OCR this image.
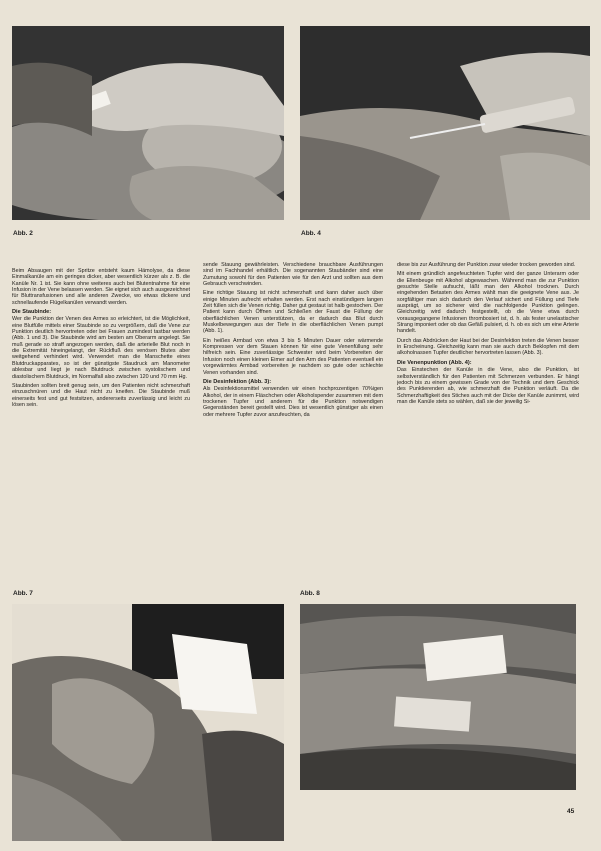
Abb. 2	Abb. 4

Beim Absaugen mit der Spritze entsteht kaum Hämolyse, da diese Einmalkanüle am ein geringes dicker, aber wesentlich kürzer als z. B. die Kanüle Nr. 1 ist. Sie kann ohne weiteres auch bei Blutentnahme für eine Infusion in der Vene belassen werden. Sie eignet sich auch ausgezeichnet für Bluttransfusionen und alle anderen Zwecke, wo etwas dickere und schnellaufende Flügelkanülen verwandt werden.

Die Staubinde:

Wer die Punktion der Venen des Armes so erleichtert, ist die Möglichkeit, eine Blutfülle mittels einer Staubinde so zu vergrößern, daß die Vene zur Punktion deutlich hervortreten oder bei Frauen zumindest tastbar werden (Abb. 1 und 3). Die Staubinde wird am besten am Oberarm angelegt. Sie muß gerade so straff angezogen werden, daß die arterielle Blut noch in die Extremität hineingelangt, der Rückfluß des venösen Blutes aber weitgehend verhindert wird. Verwendet man die Manschette eines Blutdruckapparates, so ist der günstigste Staudruck am Manometer ablesbar und liegt je nach Blutdruck zwischen systolischem und diastolischem Blutdruck, im Normalfall also zwischen 120 und 70 mm Hg.

Staubinden sollten breit genug sein, um den Patienten nicht schmerzhaft einzuschnüren und die Haut nicht zu kneifen. Die Staubinde muß einerseits fest und gut festsitzen, andererseits zuverlässig und leicht zu lösen sein.

sende Stauung gewährleisten. Verschiedene brauchbare Ausführungen sind im Fachhandel erhältlich. Die sogenannten Staubänder sind eine Zumutung sowohl für den Patienten wie für den Arzt und sollten aus dem Gebrauch verschwinden.

Eine richtige Stauung ist nicht schmerzhaft und kann daher auch über einige Minuten aufrecht erhalten werden. Erst nach einstündigem langen Zeit füllen sich die Venen richtig. Daher gut gestaut ist halb gestochen. Der Patient kann durch Öffnen und Schließen der Faust die Füllung der oberflächlichen Venen unterstützen, da er dadurch das Blut durch Muskelbewegungen aus der Tiefe in die oberflächlichen Venen pumpt (Abb. 1).

Ein heißes Armbad von etwa 3 bis 5 Minuten Dauer oder wärmende Kompressen vor dem Stauen können für eine gute Venenfüllung sehr hilfreich sein. Eine zuverlässige Schwester wird beim Vorbereiten der Infusion noch einen kleinen Eimer auf den Arm des Patienten eventuell ein vorgewärmtes Armbad vorbereiten je nachdem so gute oder schlechte Venen vorhanden sind.

Die Desinfektion (Abb. 3):

Als Desinfektionsmittel verwenden wir einen hochprozentigen 70%igen Alkohol, der in einem Fläschchen oder Alkoholspender zusammen mit dem trockenen Tupfer und anderem für die Punktion notwendigen Gegenständen bereit gestellt wird. Dies ist wesentlich günstiger als einen oder mehrere Tupfer zuvor anzufeuchten, da

diese bis zur Ausführung der Punktion zwar wieder trocken geworden sind.

Mit einem gründlich angefeuchteten Tupfer wird der ganze Unterarm oder die Ellenbeuge mit Alkohol abgewaschen. Während man die zur Punktion gesuchte Stelle aufsucht, läßt man den Alkohol trocknen. Durch eingehenden Betasten des Armes wählt man die geeignete Vene aus. Je sorgfältiger man sich dadurch den Verlauf sichert und Füllung und Tiefe ausprägt, um so sicherer wird die nachfolgende Punktion gelingen. Gleichzeitig wird dadurch festgestellt, ob die Vene etwa durch vorausgegangene Infusionen thrombosiert ist, d. h. als fester unelastischer Strang imponiert oder ob das Gefäß pulsiert, d. h. ob es sich um eine Arterie handelt.

Durch das Abdrücken der Haut bei der Desinfektion treten die Venen besser in Erscheinung. Gleichzeitig kann man sie auch durch Beklopfen mit dem alkoholnassen Tupfer deutlicher hervortreten lassen (Abb. 3).

Die Venenpunktion (Abb. 4):

Das Einstechen der Kanüle in die Vene, also die Punktion, ist selbstverständlich für den Patienten mit Schmerzen verbunden. Er hängt jedoch bis zu einem gewissen Grade von der Technik und dem Geschick des Punktierenden ab, wie schmerzhaft die Punktion verläuft. Da die Schmerzhaftigkeit des Stiches auch mit der Dicke der Kanüle zunimmt, wird man die Kanüle stets so wählen, daß sie der jeweilig Si-

Abb. 7	Abb. 8
45
